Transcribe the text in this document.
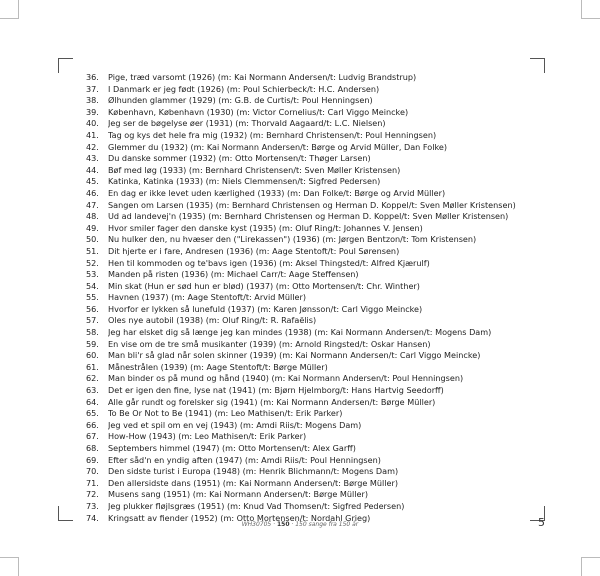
36.	Pige, træd varsomt (1926) (m: Kai Normann Andersen/t: Ludvig Brandstrup)
37.	I Danmark er jeg født (1926) (m: Poul Schierbeck/t: H.C. Andersen)
38.	Ølhunden glammer (1929) (m: G.B. de Curtis/t: Poul Henningsen)
39.	København, København (1930) (m: Victor Cornelius/t: Carl Viggo Meincke)
40.	Jeg ser de bøgelyse øer (1931) (m: Thorvald Aagaard/t: L.C. Nielsen)
41.	Tag og kys det hele fra mig (1932) (m: Bernhard Christensen/t: Poul Henningsen)
42.	Glemmer du (1932) (m: Kai Normann Andersen/t: Børge og Arvid Müller, Dan Folke)
43.	Du danske sommer (1932) (m: Otto Mortensen/t: Thøger Larsen)
44.	Bøf med løg (1933) (m: Bernhard Christensen/t: Sven Møller Kristensen)
45.	Katinka, Katinka (1933) (m: Niels Clemmensen/t: Sigfred Pedersen)
46.	En dag er ikke levet uden kærlighed (1933) (m: Dan Folke/t: Børge og Arvid Müller)
47.	Sangen om Larsen (1935) (m: Bernhard Christensen og Herman D. Koppel/t: Sven Møller Kristensen)
48.	Ud ad landevej'n (1935) (m: Bernhard Christensen og Herman D. Koppel/t: Sven Møller Kristensen)
49.	Hvor smiler fager den danske kyst (1935) (m: Oluf Ring/t: Johannes V. Jensen)
50.	Nu hulker den, nu hvæser den ("Lirekassen") (1936) (m: Jørgen Bentzon/t: Tom Kristensen)
51.	Dit hjerte er i fare, Andresen (1936) (m: Aage Stentoft/t: Poul Sørensen)
52.	Hen til kommoden og te'bavs igen (1936) (m: Aksel Thingsted/t: Alfred Kjærulf)
53.	Manden på risten (1936) (m: Michael Carr/t: Aage Steffensen)
54.	Min skat (Hun er sød hun er blød) (1937) (m: Otto Mortensen/t: Chr. Winther)
55.	Havnen (1937) (m: Aage Stentoft/t: Arvid Müller)
56.	Hvorfor er lykken så lunefuld (1937) (m: Karen Jønsson/t: Carl Viggo Meincke)
57.	Oles nye autobil (1938) (m: Oluf Ring/t: R. Rafaëlis)
58.	Jeg har elsket dig så længe jeg kan mindes (1938) (m: Kai Normann Andersen/t: Mogens Dam)
59.	En vise om de tre små musikanter (1939) (m: Arnold Ringsted/t: Oskar Hansen)
60.	Man bli'r så glad når solen skinner (1939) (m: Kai Normann Andersen/t: Carl Viggo Meincke)
61.	Månestrålen (1939) (m: Aage Stentoft/t: Børge Müller)
62.	Man binder os på mund og hånd (1940) (m: Kai Normann Andersen/t: Poul Henningsen)
63.	Det er igen den fine, lyse nat (1941) (m: Bjørn Hjelmborg/t: Hans Hartvig Seedorff)
64.	Alle går rundt og forelsker sig (1941) (m: Kai Normann Andersen/t: Børge Müller)
65.	To Be Or Not to Be (1941) (m: Leo Mathisen/t: Erik Parker)
66.	Jeg ved et spil om en vej (1943) (m: Amdi Riis/t: Mogens Dam)
67.	How-How (1943) (m: Leo Mathisen/t: Erik Parker)
68.	Septembers himmel (1947) (m: Otto Mortensen/t: Alex Garff)
69.	Efter såd'n en yndig aften (1947) (m: Amdi Riis/t: Poul Henningsen)
70.	Den sidste turist i Europa (1948) (m: Henrik Blichmann/t: Mogens Dam)
71.	Den allersidste dans (1951) (m: Kai Normann Andersen/t: Børge Müller)
72.	Musens sang (1951) (m: Kai Normann Andersen/t: Børge Müller)
73.	Jeg plukker fløjlsgræs (1951) (m: Knud Vad Thomsen/t: Sigfred Pedersen)
74.	Kringsatt av fiender (1952) (m: Otto Mortensen/t: Nordahl Grieg)
WH30705 · 150 · 150 sange fra 150 år	5
